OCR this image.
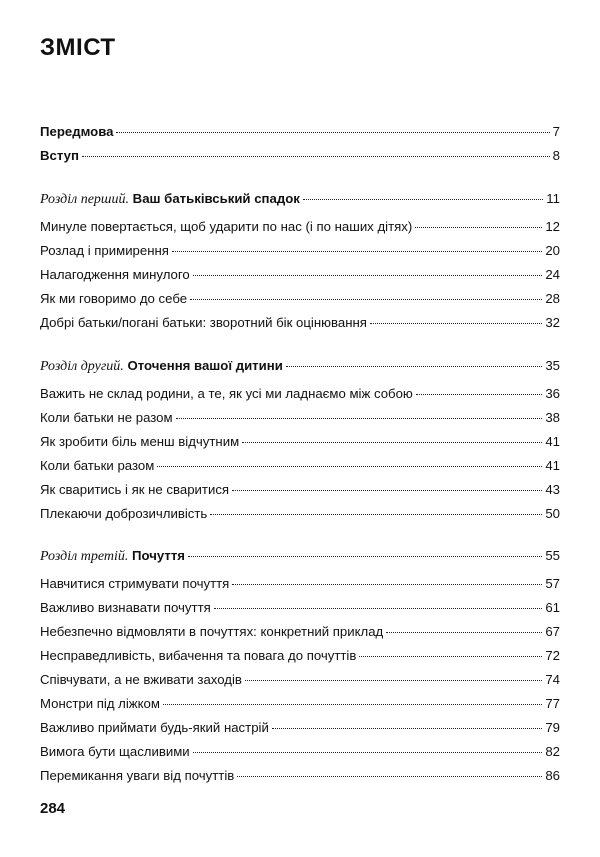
ЗМІСТ
Передмова	7
Вступ	8
Розділ перший. Ваш батьківський спадок	11
Минуле повертається, щоб ударити по нас (і по наших дітях)	12
Розлад і примирення	20
Налагодження минулого	24
Як ми говоримо до себе	28
Добрі батьки/погані батьки: зворотний бік оцінювання	32
Розділ другий. Оточення вашої дитини	35
Важить не склад родини, а те, як усі ми ладнаємо між собою	36
Коли батьки не разом	38
Як зробити біль менш відчутним	41
Коли батьки разом	41
Як сваритись і як не сваритися	43
Плекаючи доброзичливість	50
Розділ третій. Почуття	55
Навчитися стримувати почуття	57
Важливо визнавати почуття	61
Небезпечно відмовляти в почуттях: конкретний приклад	67
Несправедливість, вибачення та повага до почуттів	72
Співчувати, а не вживати заходів	74
Монстри під ліжком	77
Важливо приймати будь-який настрій	79
Вимога бути щасливими	82
Перемикання уваги від почуттів	86
284
